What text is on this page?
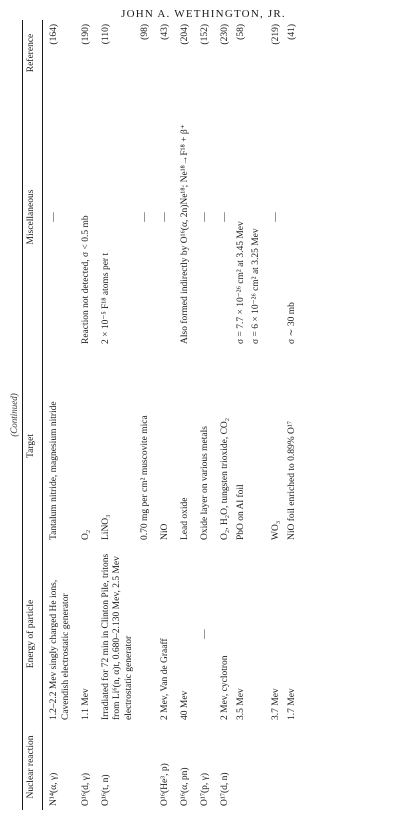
JOHN A. WETHINGTON, JR.
(Continued)
Nuclear reaction	Energy of particle	Target	Miscellaneous	Reference
N¹⁴(α, γ)	1.2–2.2 Mev singly charged He ions, Cavendish electrostatic generator	Tantalum nitride, magnesium nitride	—	(164)
O¹⁶(d, γ)	1.1 Mev	O₂	Reaction not detected, σ < 0.5 mb	(190)
O¹⁶(t, n)	Irradiated for 72 min in Clinton Pile, tritons from Li⁶(n, α)t, 0.680–2.130 Mev, 2.5 Mev electrostatic generator	LiNO₃	2 × 10⁻⁵ F¹⁸ atoms per t	(110)
		0.70 mg per cm² muscovite mica	—	(98)
O¹⁶(He³, p)	2 Mev, Van de Graaff	NiO	—	(43)
O¹⁶(α, pn)	40 Mev	Lead oxide	Also formed indirectly by O¹⁶(α, 2n)Ne¹⁸; Ne¹⁸→F¹⁸ + β⁺	(204)
O¹⁷(p, γ)	—	Oxide layer on various metals	—	(152)
O¹⁷(d, n)	2 Mev, cyclotron	O₂, H₂O, tungsten trioxide, CO₂	—	(230)
	3.5 Mev	PbO on Al foil	σ = 7.7 × 10⁻²⁶ cm² at 3.45 Mev	(58)
			σ = 6 × 10⁻²⁶ cm² at 3.25 Mev	
	3.7 Mev	WO₃	—	(219)
	1.7 Mev	NiO foil enriched to 0.89% O¹⁷	σ ∼ 30 mb	(41)
